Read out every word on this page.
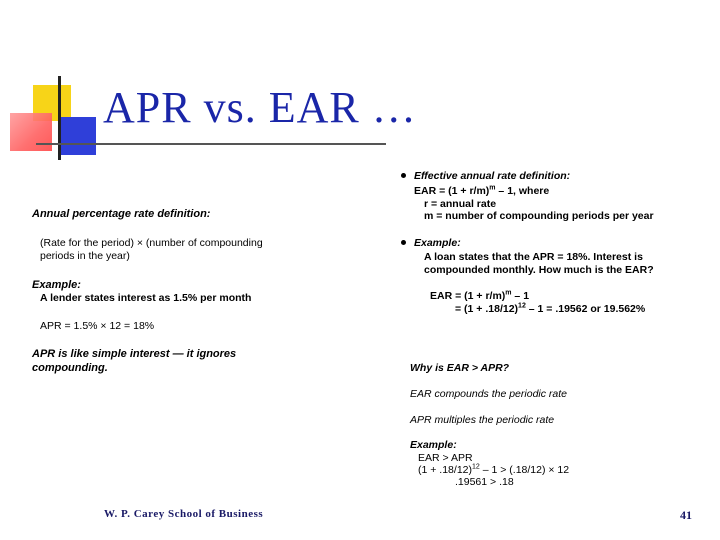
APR vs. EAR …
Annual percentage rate definition:
(Rate for the period) × (number of compounding
periods in the year)
Example:
A lender states interest as 1.5% per month
APR = 1.5% × 12 = 18%
APR is like simple interest — it ignores
compounding.
Effective annual rate definition:
EAR = $(1 + r/m)^m - 1$, where
r = annual rate
m = number of compounding periods per year
Example:
A loan states that the APR = 18%. Interest is
compounded monthly. How much is the EAR?
EAR = $(1 + r/m)^m - 1$
= $(1 + .18/12)^{12} - 1 = .19562$ or 19.562%
Why is EAR > APR?
EAR compounds the periodic rate
APR multiples the periodic rate
Example:
EAR > APR
$(1 + .18/12)^{12} - 1 > (.18/12) \times 12$
.19561 > .18
W. P. Carey School of Business	41
